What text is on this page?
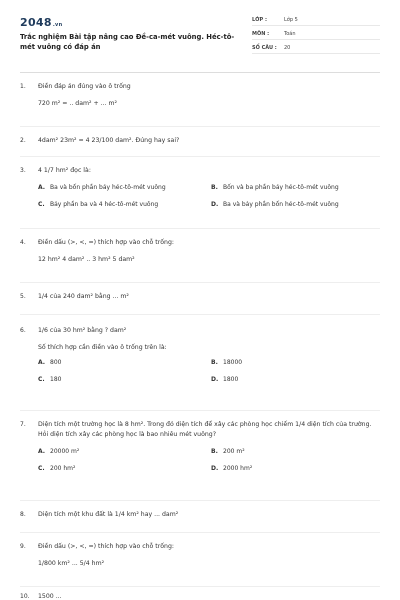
2048.vn
Trắc nghiệm Bài tập nâng cao Đề-ca-mét vuông. Héc-tô-mét vuông có đáp án
LỚP :	Lớp 5
MÔN :	Toán
SỐ CÂU :	20
1.	Điền đáp án đúng vào ô trống
720 m² = .. dam² + ... m²
2.	4dam² 23m² = 4 23/100 dam². Đúng hay sai?
3.	4 1/7 hm² đọc là:
A. Ba và bốn phần bảy héc-tô-mét vuông	B. Bốn và ba phần bảy héc-tô-mét vuông
C. Bảy phần ba và 4 héc-tô-mét vuông	D. Ba và bảy phần bốn héc-tô-mét vuông
4.	Điền dấu (>, <, =) thích hợp vào chỗ trống:
12 hm² 4 dam² .. 3 hm² 5 dam²
5.	1/4 của 240 dam² bằng ... m²
6.	1/6 của 30 hm² bằng ? dam²
Số thích hợp cần điền vào ô trống trên là:
A. 800	B. 18000
C. 180	D. 1800
7.	Diện tích một trường học là 8 hm². Trong đó diện tích để xây các phòng học chiếm 1/4 diện tích của trường. Hỏi diện tích xây các phòng học là bao nhiêu mét vuông?
A. 20000 m²	B. 200 m²
C. 200 hm²	D. 2000 hm²
8.	Diện tích một khu đất là 1/4 km² hay ... dam²
9.	Điền dấu (>, <, =) thích hợp vào chỗ trống:
1/800 km² ... 5/4 hm²
10.	1500 ...
